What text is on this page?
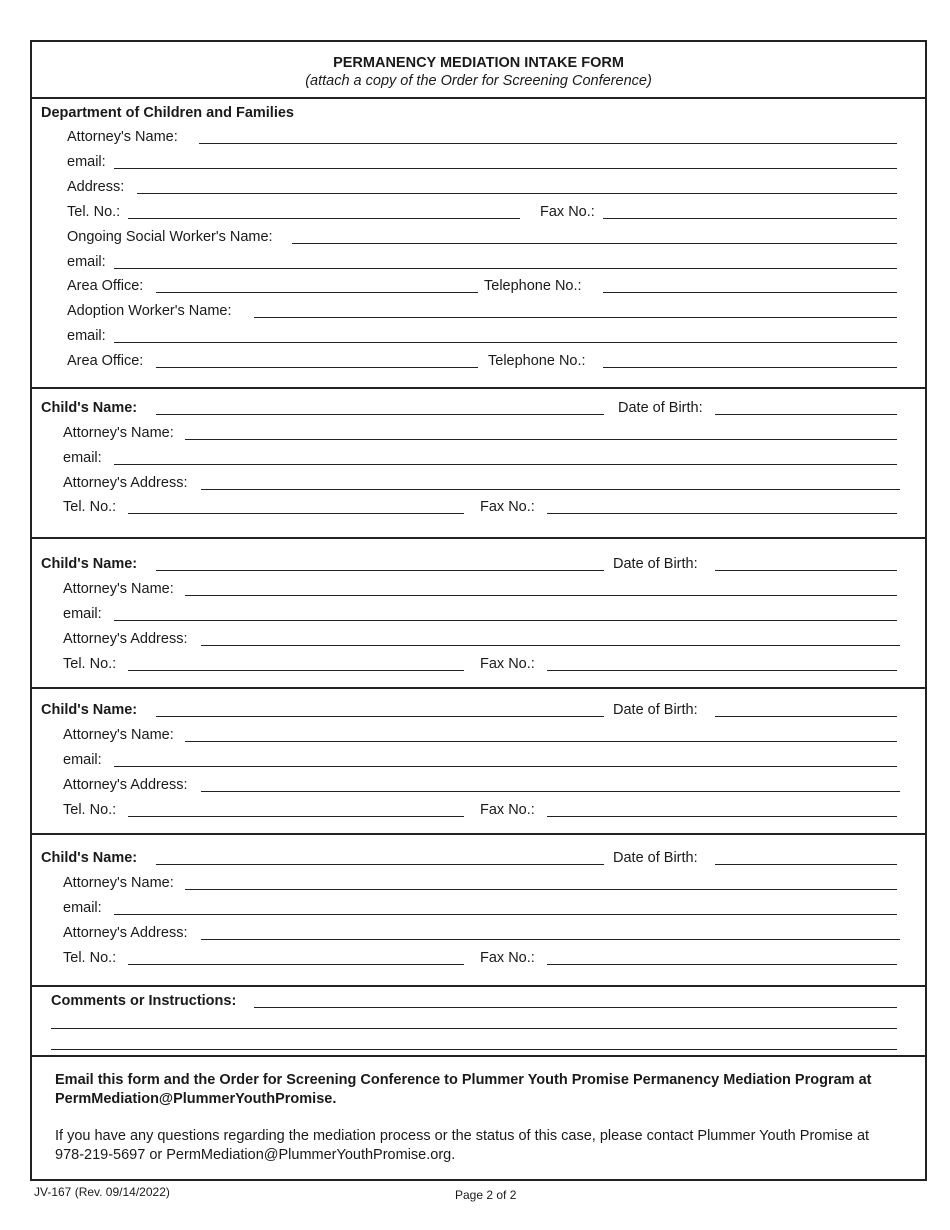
PERMANENCY MEDIATION INTAKE FORM
(attach a copy of the Order for Screening Conference)
Department of Children and Families
Attorney's Name:
email:
Address:
Tel. No.:	Fax No.:
Ongoing Social Worker's Name:
email:
Area Office:	Telephone No.:
Adoption Worker's Name:
email:
Area Office:	Telephone No.:
Child's Name:	Date of Birth:
Attorney's Name:
email:
Attorney's Address:
Tel. No.:	Fax No.:
Child's Name:	Date of Birth:
Attorney's Name:
email:
Attorney's Address:
Tel. No.:	Fax No.:
Child's Name:	Date of Birth:
Attorney's Name:
email:
Attorney's Address:
Tel. No.:	Fax No.:
Child's Name:	Date of Birth:
Attorney's Name:
email:
Attorney's Address:
Tel. No.:	Fax No.:
Comments or Instructions:
Email this form and the Order for Screening Conference to Plummer Youth Promise Permanency Mediation Program at PermMediation@PlummerYouthPromise.
If you have any questions regarding the mediation process or the status of this case, please contact Plummer Youth Promise at 978-219-5697 or PermMediation@PlummerYouthPromise.org.
JV-167 (Rev. 09/14/2022)	Page 2 of 2
